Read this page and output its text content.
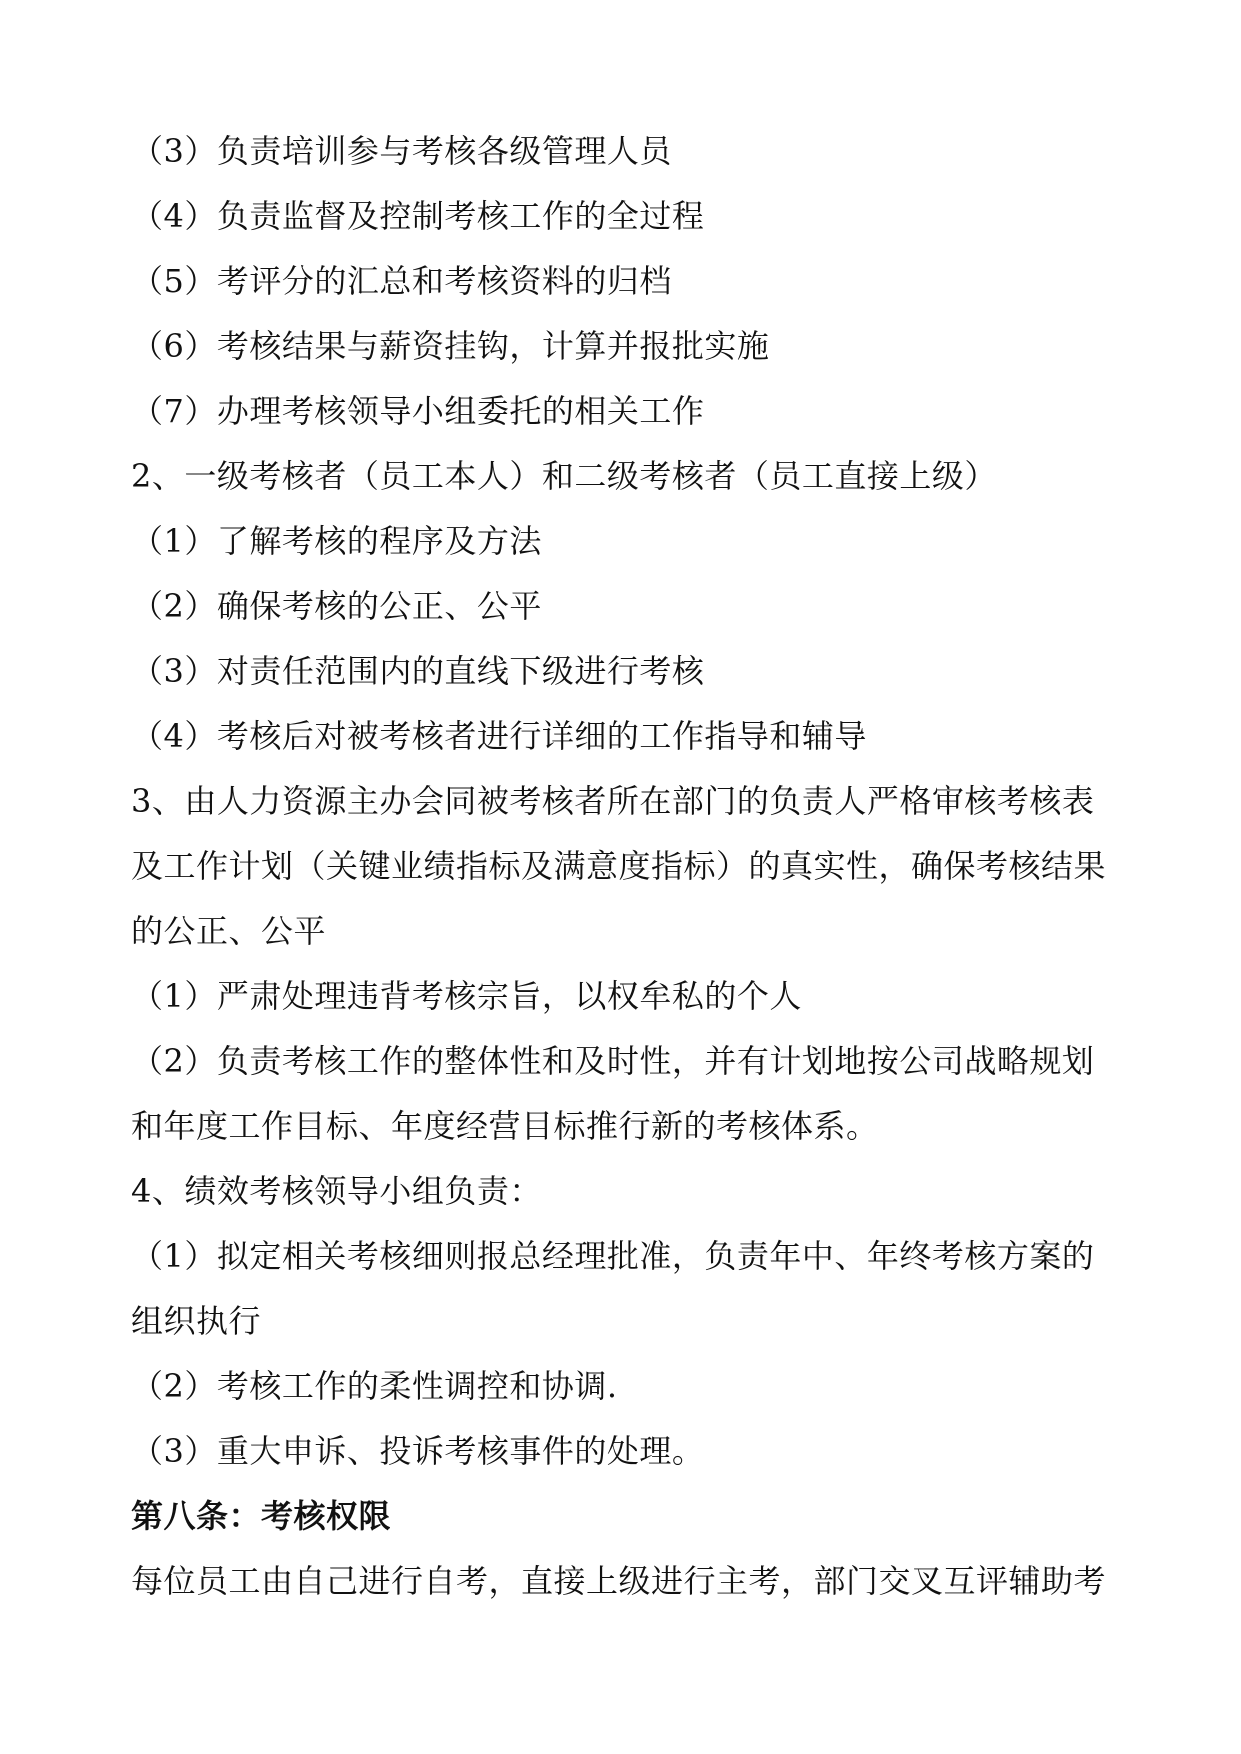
（3）负责培训参与考核各级管理人员
（4）负责监督及控制考核工作的全过程
（5）考评分的汇总和考核资料的归档
（6）考核结果与薪资挂钩，计算并报批实施
（7）办理考核领导小组委托的相关工作
2、一级考核者（员工本人）和二级考核者（员工直接上级）
（1）了解考核的程序及方法
（2）确保考核的公正、公平
（3）对责任范围内的直线下级进行考核
（4）考核后对被考核者进行详细的工作指导和辅导
3、由人力资源主办会同被考核者所在部门的负责人严格审核考核表
及工作计划（关键业绩指标及满意度指标）的真实性，确保考核结果
的公正、公平
（1）严肃处理违背考核宗旨，以权牟私的个人
（2）负责考核工作的整体性和及时性，并有计划地按公司战略规划
和年度工作目标、年度经营目标推行新的考核体系。
4、绩效考核领导小组负责：
（1）拟定相关考核细则报总经理批准，负责年中、年终考核方案的
组织执行
（2）考核工作的柔性调控和协调.
（3）重大申诉、投诉考核事件的处理。
第八条：考核权限
每位员工由自己进行自考，直接上级进行主考，部门交叉互评辅助考
